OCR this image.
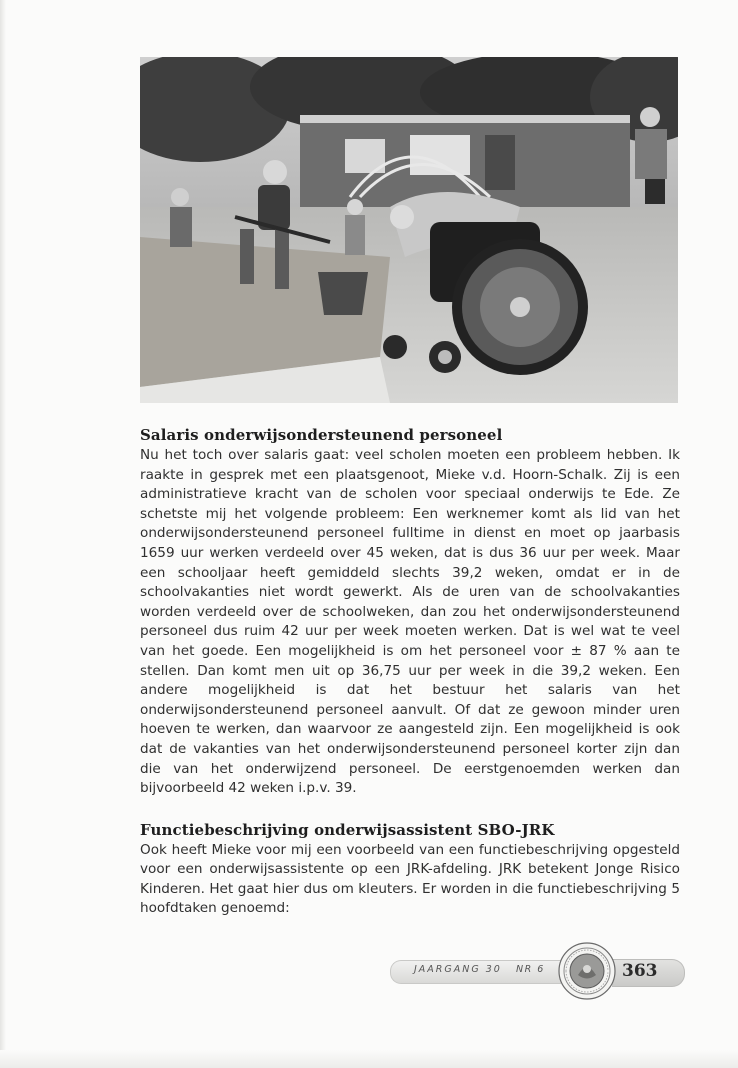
Salaris onderwijsondersteunend personeel

Nu het toch over salaris gaat: veel scholen moeten een probleem hebben. Ik raakte in gesprek met een plaatsgenoot, Mieke v.d. Hoorn-Schalk. Zij is een administratieve kracht van de scholen voor speciaal onderwijs te Ede. Ze schetste mij het volgende probleem: Een werknemer komt als lid van het onderwijsondersteunend personeel fulltime in dienst en moet op jaarbasis 1659 uur werken verdeeld over 45 weken, dat is dus 36 uur per week. Maar een schooljaar heeft gemiddeld slechts 39,2 weken, omdat er in de schoolvakanties niet wordt gewerkt. Als de uren van de schoolvakanties worden verdeeld over de schoolweken, dan zou het onderwijsondersteunend personeel dus ruim 42 uur per week moeten werken. Dat is wel wat te veel van het goede. Een mogelijkheid is om het personeel voor ± 87 % aan te stellen. Dan komt men uit op 36,75 uur per week in die 39,2 weken. Een andere mogelijkheid is dat het bestuur het salaris van het onderwijsondersteunend personeel aanvult. Of dat ze gewoon minder uren hoeven te werken, dan waarvoor ze aangesteld zijn. Een mogelijkheid is ook dat de vakanties van het onderwijsondersteunend personeel korter zijn dan die van het onderwijzend personeel. De eerstgenoemden werken dan bijvoorbeeld 42 weken i.p.v. 39.

Functiebeschrijving onderwijsassistent SBO-JRK

Ook heeft Mieke voor mij een voorbeeld van een functiebeschrijving opgesteld voor een onderwijsassistente op een JRK-afdeling. JRK betekent Jonge Risico Kinderen. Het gaat hier dus om kleuters. Er worden in die functiebeschrijving 5 hoofdtaken genoemd:

JAARGANG 30 NR 6	363
